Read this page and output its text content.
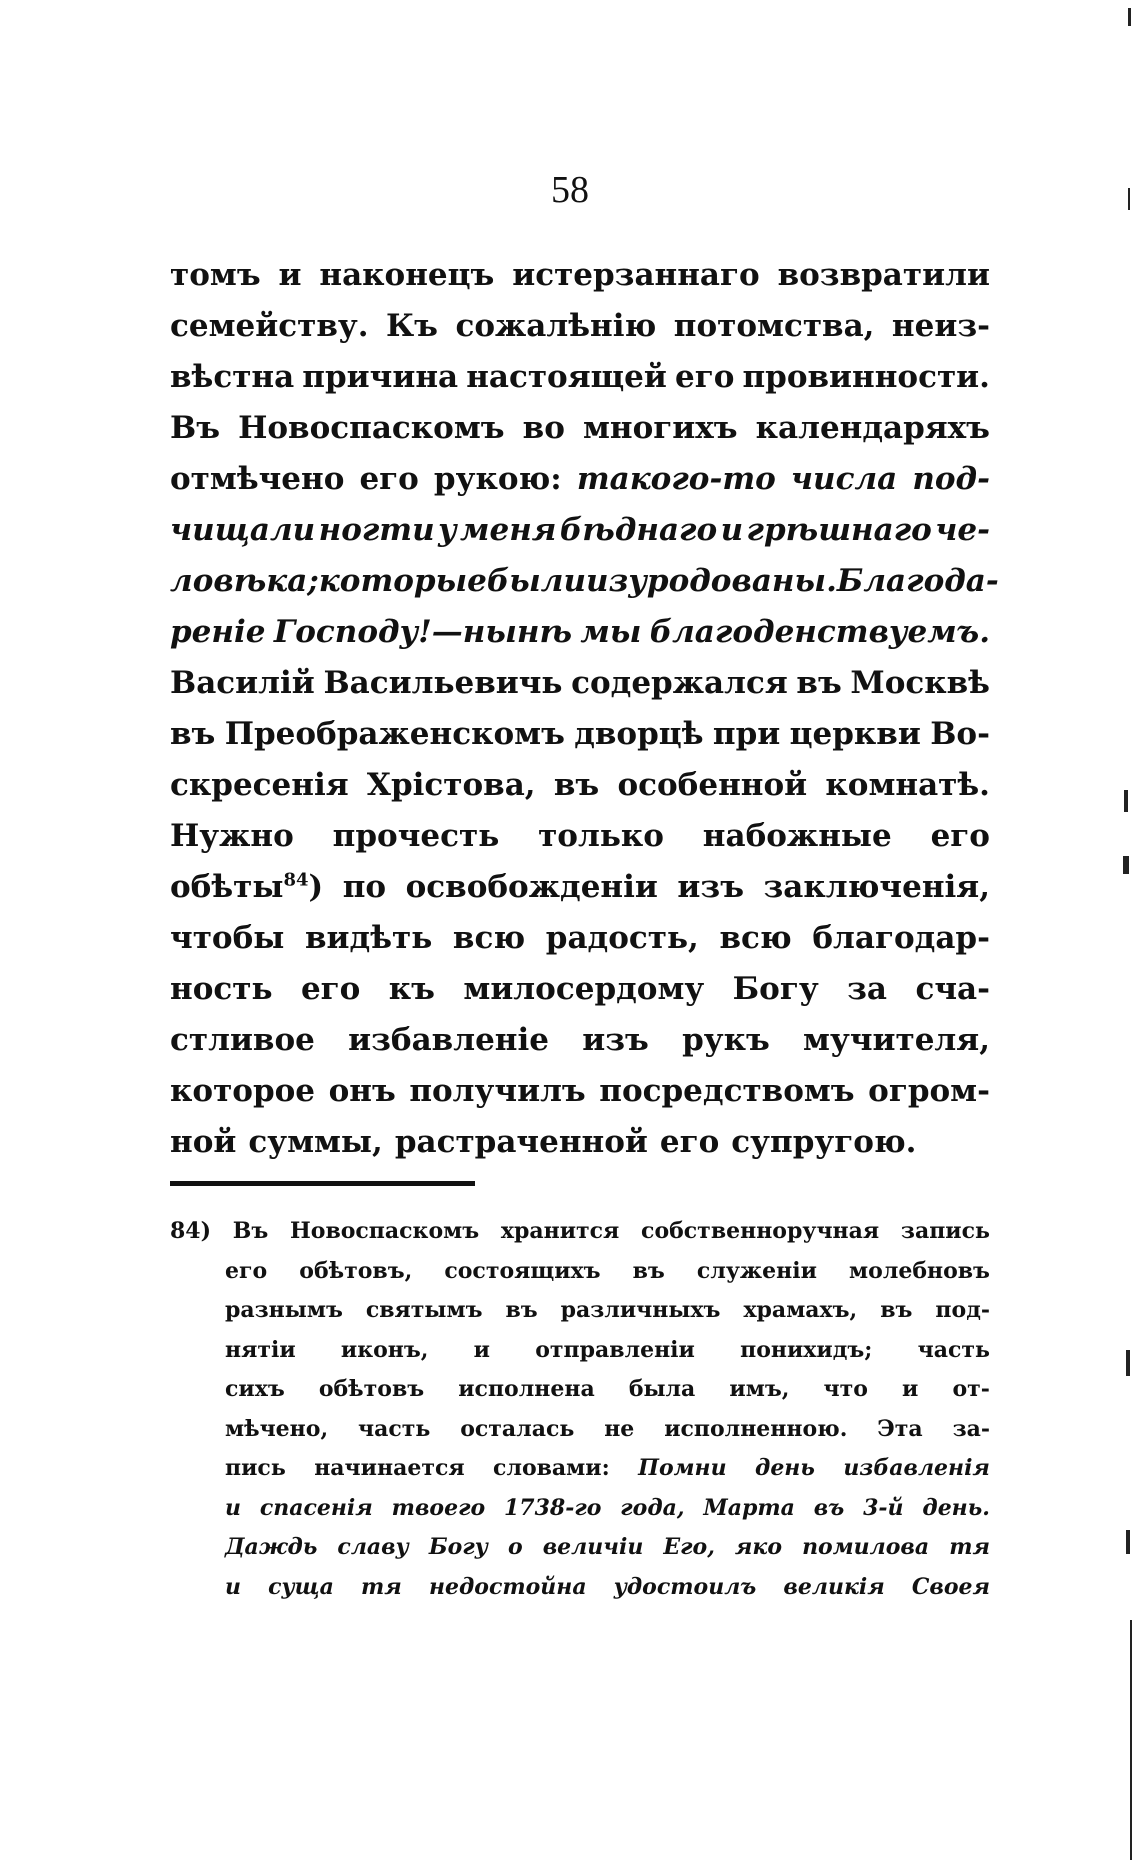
58
томъ и наконецъ истерзаннаго возвратили
семейству. Къ сожалѣнію потомства, неиз-
вѣстна причина настоящей его провинности.
Въ Новоспаскомъ во многихъ календаряхъ
отмѣчено его рукою: такого-то числа под-
чищали ногти у меня бѣднаго и грѣшнаго че-
ловѣка; которые были изуродованы. Благода-
реніе Господу!—нынѣ мы благоденствуемъ.
Василій Васильевичь содержался въ Москвѣ
въ Преображенскомъ дворцѣ при церкви Во-
скресенія Хрістова, въ особенной комнатѣ.
Нужно прочесть только набожные его
обѣты$^{84}$) по освобожденіи изъ заключенія,
чтобы видѣть всю радость, всю благодар-
ность его къ милосердому Богу за сча-
стливое избавленіе изъ рукъ мучителя,
которое онъ получилъ посредствомъ огром-
ной суммы, растраченной его супругою.
84) Въ Новоспаскомъ хранится собственноручная запись
его обѣтовъ, состоящихъ въ служеніи молебновъ
разнымъ святымъ въ различныхъ храмахъ, въ под-
нятіи иконъ, и отправленіи понихидъ; часть
сихъ обѣтовъ исполнена была имъ, что и от-
мѣчено, часть осталась не исполненною. Эта за-
пись начинается словами: Помни день избавленія
и спасенія твоего 1738-го года, Марта въ 3-й день.
Даждь славу Богу о величіи Его, яко помилова тя
и суща тя недостойна удостоилъ великія Своея
